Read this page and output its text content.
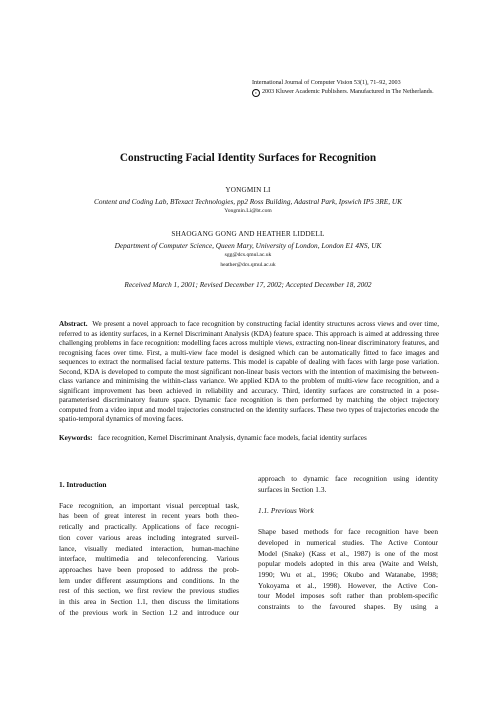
International Journal of Computer Vision 53(1), 71–92, 2003
c 2003 Kluwer Academic Publishers. Manufactured in The Netherlands.
Constructing Facial Identity Surfaces for Recognition
YONGMIN LI
Content and Coding Lab, BTexact Technologies, pp2 Ross Building, Adastral Park, Ipswich IP5 3RE, UK
Yongmin.Li@bt.com
SHAOGANG GONG AND HEATHER LIDDELL
Department of Computer Science, Queen Mary, University of London, London E1 4NS, UK
sgg@dcs.qmul.ac.uk
heather@dcs.qmul.ac.uk
Received March 1, 2001; Revised December 17, 2002; Accepted December 18, 2002
Abstract. We present a novel approach to face recognition by constructing facial identity structures across views and over time, referred to as identity surfaces, in a Kernel Discriminant Analysis (KDA) feature space. This approach is aimed at addressing three challenging problems in face recognition: modelling faces across multiple views, extracting non-linear discriminatory features, and recognising faces over time. First, a multi-view face model is designed which can be automatically fitted to face images and sequences to extract the normalised facial texture patterns. This model is capable of dealing with faces with large pose variation. Second, KDA is developed to compute the most significant non-linear basis vectors with the intention of maximising the between-class variance and minimising the within-class variance. We applied KDA to the problem of multi-view face recognition, and a significant improvement has been achieved in reliability and accuracy. Third, identity surfaces are constructed in a pose-parameterised discriminatory feature space. Dynamic face recognition is then performed by matching the object trajectory computed from a video input and model trajectories constructed on the identity surfaces. These two types of trajectories encode the spatio-temporal dynamics of moving faces.
Keywords: face recognition, Kernel Discriminant Analysis, dynamic face models, facial identity surfaces
1. Introduction
Face recognition, an important visual perceptual task,
has been of great interest in recent years both theo-
retically and practically. Applications of face recogni-
tion cover various areas including integrated surveil-
lance, visually mediated interaction, human-machine
interface, multimedia and teleconferencing. Various
approaches have been proposed to address the prob-
lem under different assumptions and conditions. In the
rest of this section, we first review the previous studies
in this area in Section 1.1, then discuss the limitations
of the previous work in Section 1.2 and introduce our
approach to dynamic face recognition using identity
surfaces in Section 1.3.
1.1. Previous Work
Shape based methods for face recognition have been
developed in numerical studies. The Active Contour
Model (Snake) (Kass et al., 1987) is one of the most
popular models adopted in this area (Waite and Welsh,
1990; Wu et al., 1996; Okubo and Watanabe, 1998;
Yokoyama et al., 1998). However, the Active Con-
tour Model imposes soft rather than problem-specific
constraints to the favoured shapes. By using a
